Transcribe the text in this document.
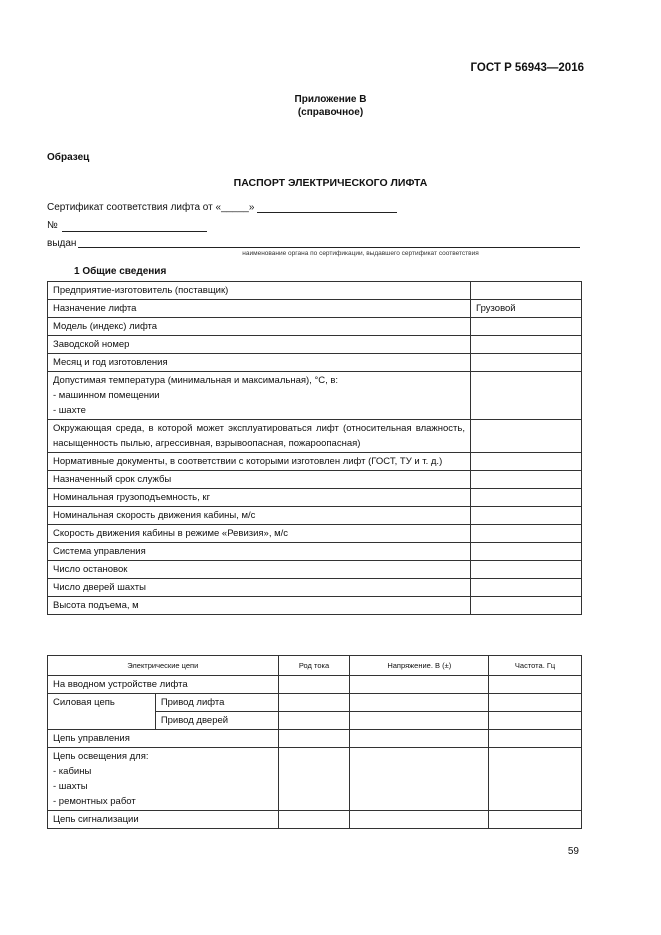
ГОСТ Р 56943—2016
Приложение В
(справочное)
Образец
ПАСПОРТ ЭЛЕКТРИЧЕСКОГО ЛИФТА
Сертификат соответствия лифта от «_____»
№
выдан
наименование органа по сертификации, выдавшего сертификат соответствия
1 Общие сведения
Предприятие-изготовитель (поставщик)	
Назначение лифта	Грузовой
Модель (индекс) лифта	
Заводской номер	
Месяц и год изготовления	

Допустимая температура (минимальная и максимальная), °С, в:
- машинном помещении
- шахте	

Окружающая среда, в которой может эксплуатироваться лифт (относительная влажность, насыщенность пылью, агрессивная, взрывоопасная, пожароопасная)	
Нормативные документы, в соответствии с которыми изготовлен лифт (ГОСТ, ТУ и т. д.)	
Назначенный срок службы	
Номинальная грузоподъемность, кг	
Номинальная скорость движения кабины, м/с	
Скорость движения кабины в режиме «Ревизия», м/с	
Система управления	
Число остановок	
Число дверей шахты	
Высота подъема, м	
Электрические цепи		Род тока	Напряжение. В (±)	Частота. Гц
На вводном устройстве лифта				
Силовая цепь	Привод лифта			
	Привод дверей			
Цепь управления				

Цепь освещения для:
- кабины
- шахты
- ремонтных работ				

Цепь сигнализации				
59
